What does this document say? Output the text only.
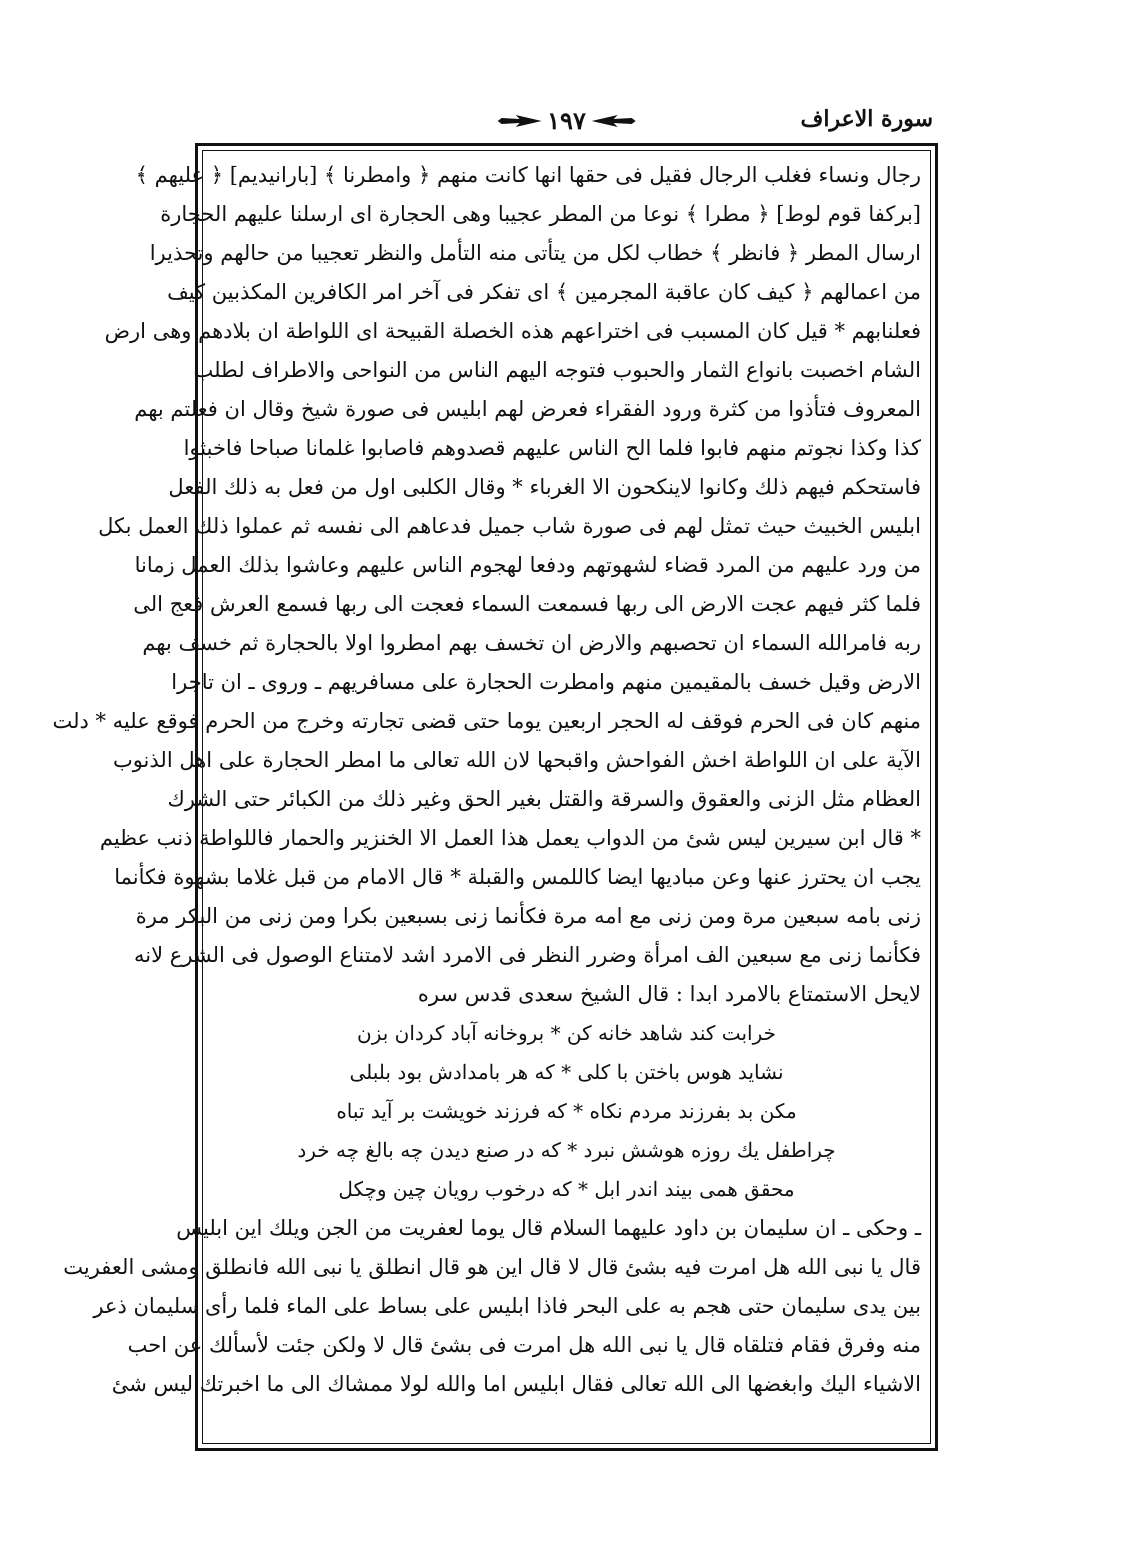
سورة الاعراف
١٩٧
رجال ونساء فغلب الرجال فقيل فى حقها انها كانت منهم ﴿ وامطرنا ﴾ [بارانيديم] ﴿ عليهم ﴾
[بركفا قوم لوط] ﴿ مطرا ﴾ نوعا من المطر عجيبا وهى الحجارة اى ارسلنا عليهم الحجارة
ارسال المطر ﴿ فانظر ﴾ خطاب لكل من يتأتى منه التأمل والنظر تعجيبا من حالهم وتحذيرا
من اعمالهم ﴿ كيف كان عاقبة المجرمين ﴾ اى تفكر فى آخر امر الكافرين المكذبين كيف
فعلنابهم * قيل كان المسبب فى اختراعهم هذه الخصلة القبيحة اى اللواطة ان بلادهم وهى ارض
الشام اخصبت بانواع الثمار والحبوب فتوجه اليهم الناس من النواحى والاطراف لطلب
المعروف فتأذوا من كثرة ورود الفقراء فعرض لهم ابليس فى صورة شيخ وقال ان فعلتم بهم
كذا وكذا نجوتم منهم فابوا فلما الح الناس عليهم قصدوهم فاصابوا غلمانا صباحا فاخبثوا
فاستحكم فيهم ذلك وكانوا لاينكحون الا الغرباء * وقال الكلبى اول من فعل به ذلك الفعل
ابليس الخبيث حيث تمثل لهم فى صورة شاب جميل فدعاهم الى نفسه ثم عملوا ذلك العمل بكل
من ورد عليهم من المرد قضاء لشهوتهم ودفعا لهجوم الناس عليهم وعاشوا بذلك العمل زمانا
فلما كثر فيهم عجت الارض الى ربها فسمعت السماء فعجت الى ربها فسمع العرش فعج الى
ربه فامرالله السماء ان تحصبهم والارض ان تخسف بهم امطروا اولا بالحجارة ثم خسف بهم
الارض وقيل خسف بالمقيمين منهم وامطرت الحجارة على مسافريهم ـ وروى ـ ان تاجرا
منهم كان فى الحرم فوقف له الحجر اربعين يوما حتى قضى تجارته وخرج من الحرم فوقع عليه * دلت
الآية على ان اللواطة اخش الفواحش واقبحها لان الله تعالى ما امطر الحجارة على اهل الذنوب
العظام مثل الزنى والعقوق والسرقة والقتل بغير الحق وغير ذلك من الكبائر حتى الشرك
* قال ابن سيرين ليس شئ من الدواب يعمل هذا العمل الا الخنزير والحمار فاللواطة ذنب عظيم
يجب ان يحترز عنها وعن مباديها ايضا كاللمس والقبلة * قال الامام من قبل غلاما بشهوة فكأنما
زنى بامه سبعين مرة ومن زنى مع امه مرة فكأنما زنى بسبعين بكرا ومن زنى من البكر مرة
فكأنما زنى مع سبعين الف امرأة وضرر النظر فى الامرد اشد لامتناع الوصول فى الشرع لانه
لايحل الاستمتاع بالامرد ابدا : قال الشيخ سعدى قدس سره
خرابت كند شاهد خانه كن * بروخانه آباد كردان بزن
نشايد هوس باختن با كلى * كه هر بامدادش بود بلبلى
مكن بد بفرزند مردم نكاه * كه فرزند خويشت بر آيد تباه
چراطفل يك روزه هوشش نبرد * كه در صنع ديدن چه بالغ چه خرد
محقق همى بيند اندر ابل * كه درخوب رويان چين وچكل
ـ وحكى ـ ان سليمان بن داود عليهما السلام قال يوما لعفريت من الجن ويلك اين ابليس
قال يا نبى الله هل امرت فيه بشئ قال لا قال اين هو قال انطلق يا نبى الله فانطلق ومشى العفريت
بين يدى سليمان حتى هجم به على البحر فاذا ابليس على بساط على الماء فلما رأى سليمان ذعر
منه وفرق فقام فتلقاه قال يا نبى الله هل امرت فى بشئ قال لا ولكن جئت لأسألك عن احب
الاشياء اليك وابغضها الى الله تعالى فقال ابليس اما والله لولا ممشاك الى ما اخبرتك ليس شئ
